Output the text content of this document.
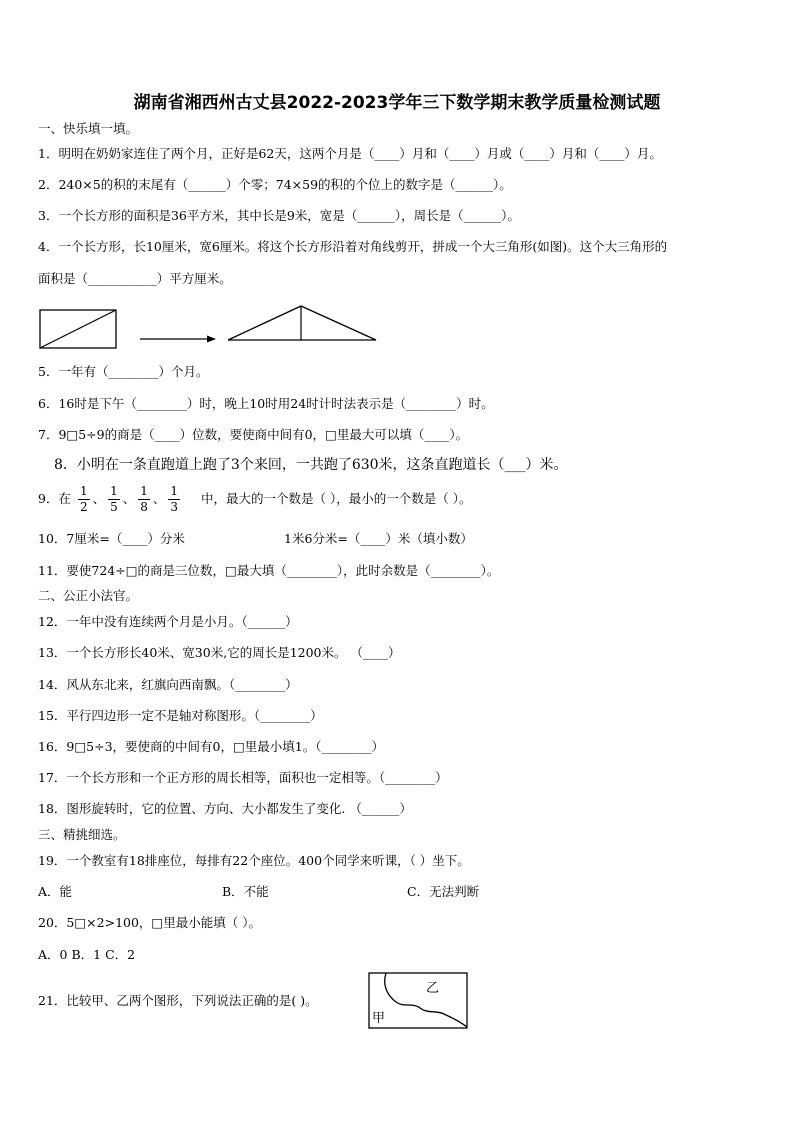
湖南省湘西州古丈县2022-2023学年三下数学期末教学质量检测试题
一、快乐填一填。
1．明明在奶奶家连住了两个月，正好是62天，这两个月是（____）月和（____）月或（____）月和（____）月。
2．240×5的积的末尾有（______）个零；74×59的积的个位上的数字是（______）。
3．一个长方形的面积是36平方米，其中长是9米，宽是（______），周长是（______）。
4．一个长方形，长10厘米，宽6厘米。将这个长方形沿着对角线剪开，拼成一个大三角形(如图)。这个大三角形的
面积是（___________）平方厘米。
5．一年有（________）个月。
6．16时是下午（________）时，晚上10时用24时计时法表示是（________）时。
7．9□5÷9的商是（____）位数，要使商中间有0，□里最大可以填（____）。
8．小明在一条直跑道上跑了3个来回，一共跑了630米，这条直跑道长（___）米。
9．在 $\frac{1}{2}$ 、 $\frac{1}{5}$ 、 $\frac{1}{8}$ 、 $\frac{1}{3}$ 中，最大的一个数是（ ），最小的一个数是（ ）。
10．7厘米=（____）分米	1米6分米=（____）米（填小数）
11．要使724÷□的商是三位数，□最大填（________），此时余数是（________）。
二、公正小法官。
12．一年中没有连续两个月是小月。（______）
13．一个长方形长40米、宽30米,它的周长是1200米。 （____）
14．风从东北来，红旗向西南飘。（________）
15．平行四边形一定不是轴对称图形。（________）
16．9□5÷3，要使商的中间有0，□里最小填1。（________）
17．一个长方形和一个正方形的周长相等，面积也一定相等。（________）
18．图形旋转时，它的位置、方向、大小都发生了变化. （______）
三、精挑细选。
19．一个教室有18排座位，每排有22个座位。400个同学来听课，（ ）坐下。
A．能	B．不能	C．无法判断
20．5□×2>100，□里最小能填（ ）。
A．0 B．1 C．2
21．比较甲、乙两个图形，下列说法正确的是( )。
乙
甲
